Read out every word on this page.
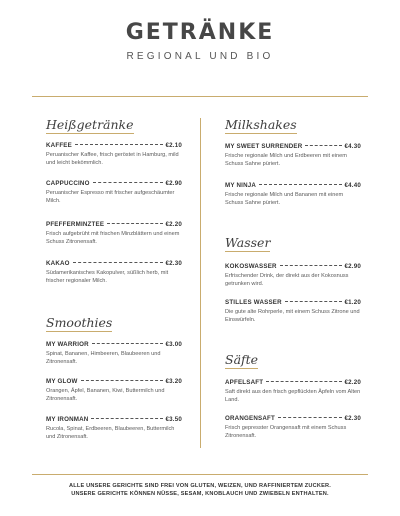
GETRÄNKE
REGIONAL UND BIO
Heißgetränke
KAFFEE	€2.10
Peruanischer Kaffee, frisch geröstet in Hamburg, mild und leicht bekömmlich.
CAPPUCCINO	€2.90
Peruanischer Espresso mit frischer aufgeschäumter Milch.
PFEFFERMINZTEE	€2.20
Frisch aufgebrüht mit frischen Minzblättern und einem Schuss Zitronensaft.
KAKAO	€2.30
Südamerikanisches Kakopulver, süßlich herb, mit frischer regionaler Milch.
Smoothies
MY WARRIOR	€3.00
Spinat, Bananen, Himbeeren, Blaubeeren und Zitronensaft.
MY GLOW	€3.20
Orangen, Äpfel, Bananen, Kiwi, Buttermilch und Zitronensaft.
MY IRONMAN	€3.50
Rucola, Spinat, Erdbeeren, Blaubeeren, Buttermilch und Zitronensaft.
Milkshakes
MY SWEET SURRENDER	€4.30
Frische regionale Milch und Erdbeeren mit einem Schuss Sahne püriert.
MY NINJA	€4.40
Frische regionale Milch und Bananen mit einem Schuss Sahne püriert.
Wasser
KOKOSWASSER	€2.90
Erfrischender Drink, der direkt aus der Kokosnuss getrunken wird.
STILLES WASSER	€1.20
Die gute alte Rohrperle, mit einem Schuss Zitrone und Einswürfeln.
Säfte
APFELSAFT	€2.20
Saft direkt aus den frisch gepflückten Äpfeln vom Alten Land.
ORANGENSAFT	€2.30
Frisch gepresster Orangensaft mit einem Schuss Zitronensaft.
ALLE UNSERE GERICHTE SIND FREI VON GLUTEN, WEIZEN, UND RAFFINIERTEM ZUCKER.
UNSERE GERICHTE KÖNNEN NÜSSE, SESAM, KNOBLAUCH UND ZWIEBELN ENTHALTEN.
